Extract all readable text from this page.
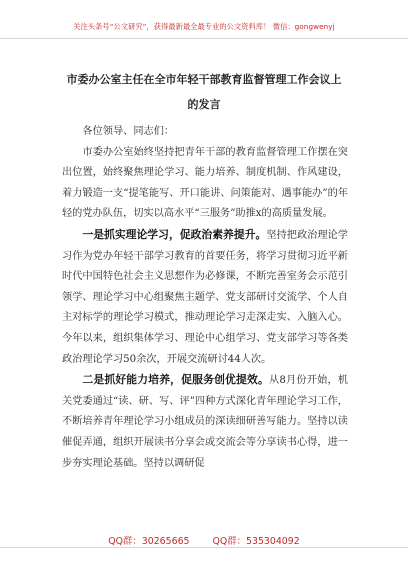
关注头条号“公文研究”，获得最新最全最专业的公文资料库！ 微信：gongwenyj
市委办公室主任在全市年轻干部教育监督管理工作会议上
的发言

各位领导、同志们：

市委办公室始终坚持把青年干部的教育监督管理工作摆在突出位置，始终聚焦理论学习、能力培养、制度机制、作风建设，着力锻造一支“提笔能写、开口能讲、问策能对、遇事能办”的年轻的党办队伍，切实以高水平“三服务”助推x的高质量发展。

一是抓实理论学习，促政治素养提升。坚持把政治理论学习作为党办年轻干部学习教育的首要任务，将学习贯彻习近平新时代中国特色社会主义思想作为必修课，不断完善室务会示范引领学、理论学习中心组聚焦主题学、党支部研讨交流学、个人自主对标学的理论学习模式，推动理论学习走深走实、入脑入心。今年以来，组织集体学习、理论中心组学习、党支部学习等各类政治理论学习50余次，开展交流研讨44人次。

二是抓好能力培养，促服务创优提效。从8月份开始，机关党委通过“读、研、写、评”四种方式深化青年理论学习工作，不断培养青年理论学习小组成员的深读细研善写能力。坚持以读催促弄通，组织开展读书分享会或交流会等分享读书心得，进一步夯实理论基础。坚持以调研促

QQ群：30265665 QQ群：535304092
